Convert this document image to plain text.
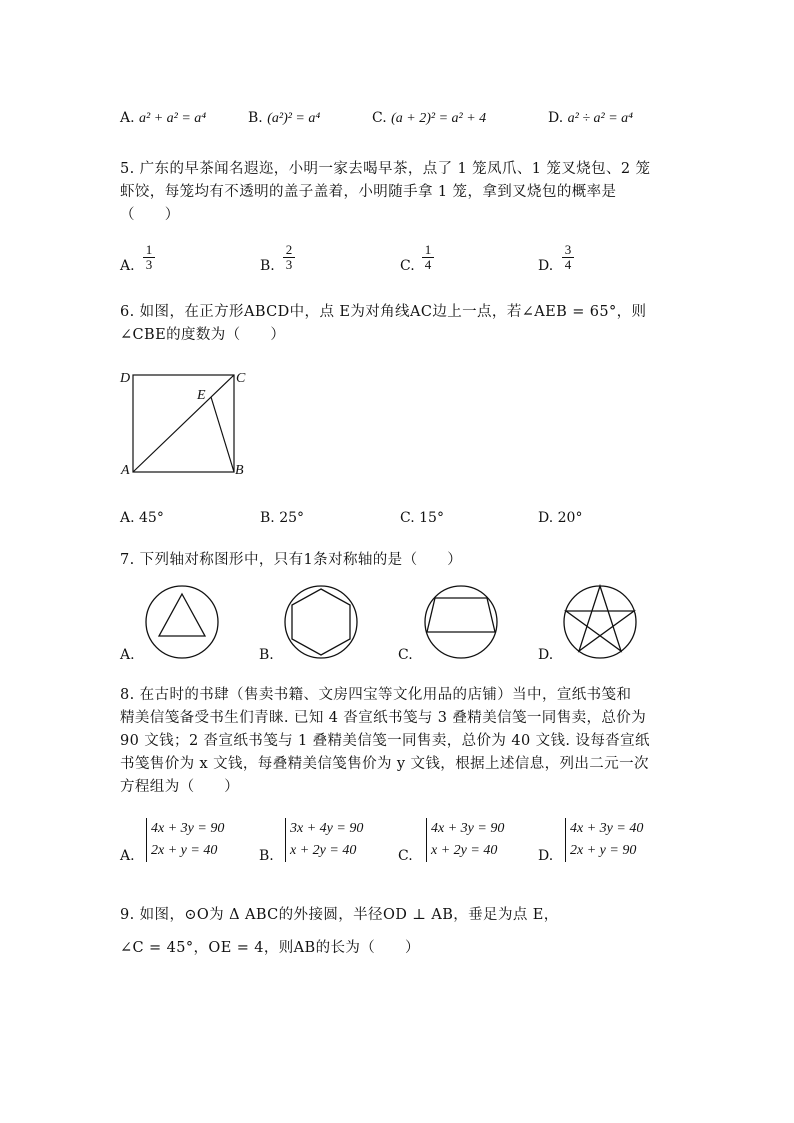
A. a² + a² = a⁴	B. (a²)² = a⁴	C. (a + 2)² = a² + 4	D. a² ÷ a² = a⁴
5. 广东的早茶闻名遐迩，小明一家去喝早茶，点了 1 笼凤爪、1 笼叉烧包、2 笼
虾饺，每笼均有不透明的盖子盖着，小明随手拿 1 笼，拿到叉烧包的概率是
（　　）
A. $\frac{1}{3}$	B. $\frac{2}{3}$	C. $\frac{1}{4}$	D. $\frac{3}{4}$
6. 如图，在正方形ABCD中，点 E为对角线AC边上一点，若∠AEB = 65°，则
∠CBE的度数为（　　）
D	C
E
A	B
A. 45°	B. 25°	C. 15°	D. 20°
7. 下列轴对称图形中，只有1条对称轴的是（　　）
A.	B.	C.	D.
8. 在古时的书肆（售卖书籍、文房四宝等文化用品的店铺）当中，宣纸书笺和
精美信笺备受书生们青睐. 已知 4 沓宣纸书笺与 3 叠精美信笺一同售卖，总价为
90 文钱；2 沓宣纸书笺与 1 叠精美信笺一同售卖，总价为 40 文钱. 设每沓宣纸
书笺售价为 x 文钱，每叠精美信笺售价为 y 文钱，根据上述信息，列出二元一次
方程组为（　　）
A.
4x + 3y = 90
2x + y = 40	B.
3x + 4y = 90
x + 2y = 40	C.
4x + 3y = 90
x + 2y = 40	D.
4x + 3y = 40
2x + y = 90
9. 如图，⊙O为 Δ ABC的外接圆，半径OD ⊥ AB，垂足为点 E，
∠C = 45°，OE = 4，则AB的长为（　　）
